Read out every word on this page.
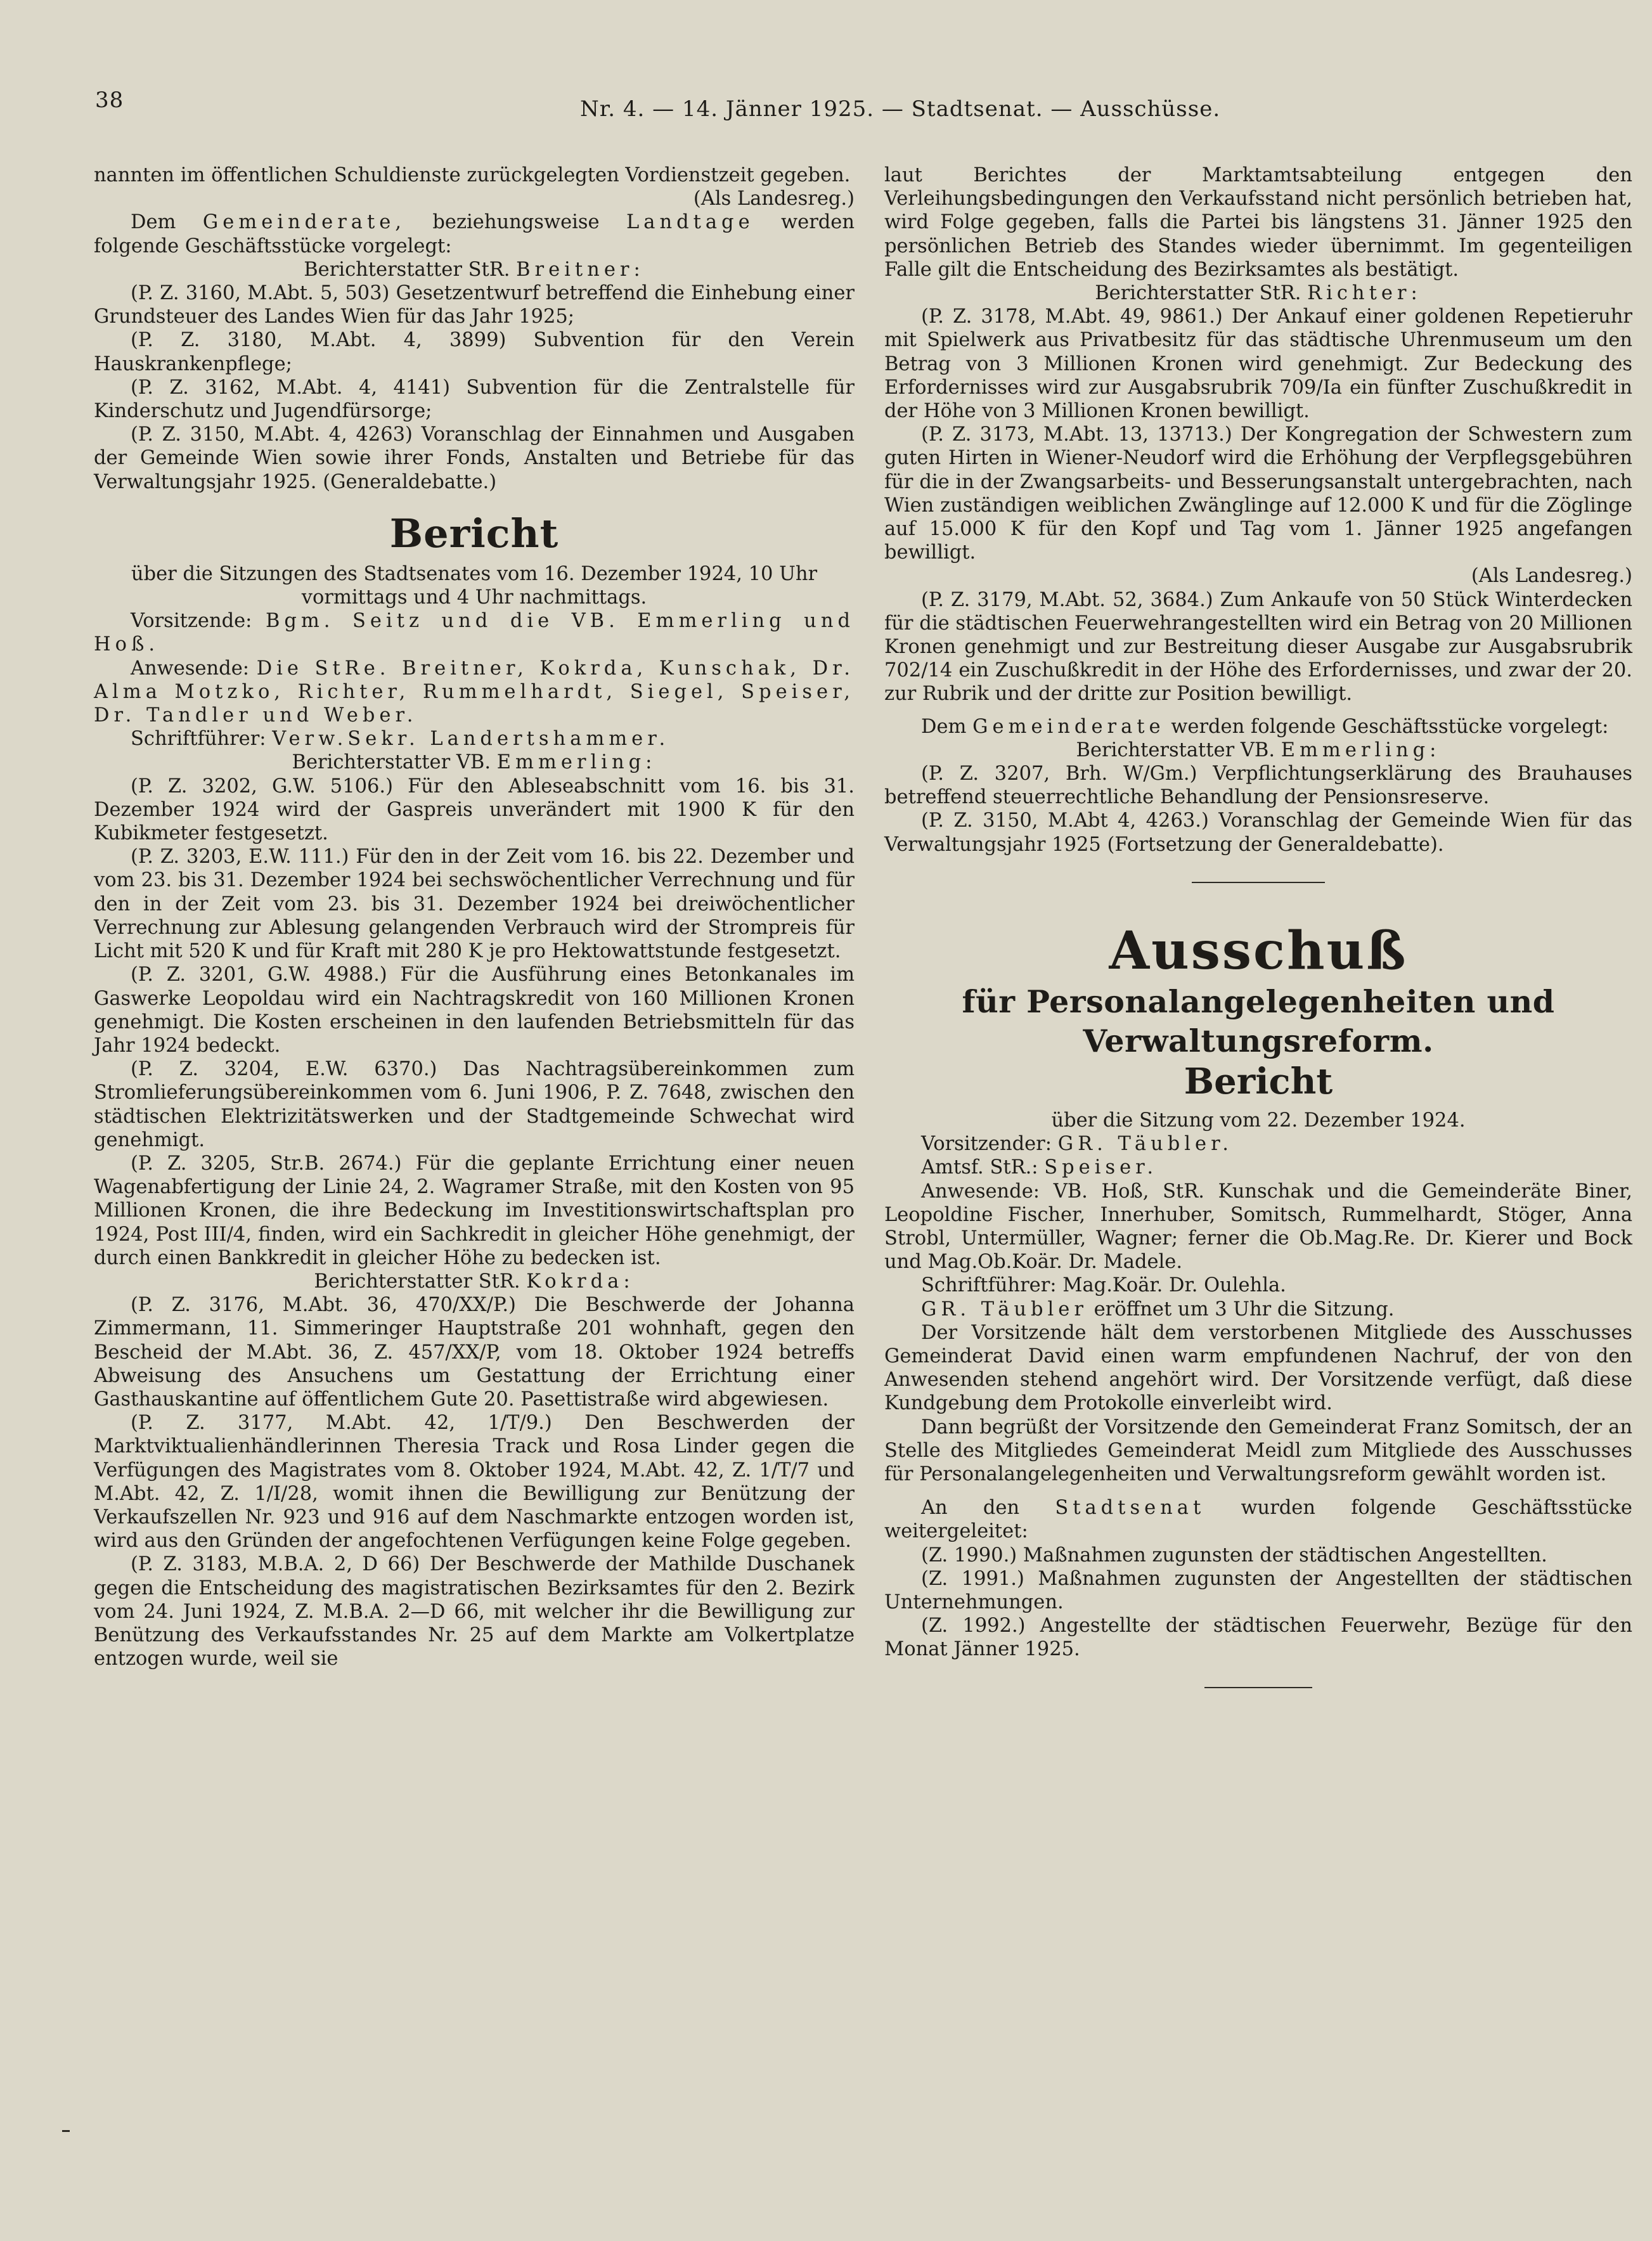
38	Nr. 4. — 14. Jänner 1925. — Stadtsenat. — Ausschüsse.

nannten im öffentlichen Schuldienste zurückgelegten Vordienstzeit gegeben.

(Als Landesreg.)

Dem Gemeinderate, beziehungsweise Landtage werden folgende Geschäftsstücke vorgelegt:

Berichterstatter StR. Breitner:

(P. Z. 3160, M.Abt. 5, 503) Gesetzentwurf betreffend die Einhebung einer Grundsteuer des Landes Wien für das Jahr 1925;

(P. Z. 3180, M.Abt. 4, 3899) Subvention für den Verein Hauskrankenpflege;

(P. Z. 3162, M.Abt. 4, 4141) Subvention für die Zentralstelle für Kinderschutz und Jugendfürsorge;

(P. Z. 3150, M.Abt. 4, 4263) Voranschlag der Einnahmen und Ausgaben der Gemeinde Wien sowie ihrer Fonds, Anstalten und Betriebe für das Verwaltungsjahr 1925. (Generaldebatte.)

Bericht

über die Sitzungen des Stadtsenates vom 16. Dezember 1924, 10 Uhr vormittags und 4 Uhr nachmittags.

Vorsitzende: Bgm. Seitz und die VB. Emmerling und Hoß.

Anwesende: Die StRe. Breitner, Kokrda, Kunschak, Dr. Alma Motzko, Richter, Rummelhardt, Siegel, Speiser, Dr. Tandler und Weber.

Schriftführer: Verw.Sekr. Landertshammer.

Berichterstatter VB. Emmerling:

(P. Z. 3202, G.W. 5106.) Für den Ableseabschnitt vom 16. bis 31. Dezember 1924 wird der Gaspreis unverändert mit 1900 K für den Kubikmeter festgesetzt.

(P. Z. 3203, E.W. 111.) Für den in der Zeit vom 16. bis 22. Dezember und vom 23. bis 31. Dezember 1924 bei sechswöchentlicher Verrechnung und für den in der Zeit vom 23. bis 31. Dezember 1924 bei dreiwöchentlicher Verrechnung zur Ablesung gelangenden Verbrauch wird der Strompreis für Licht mit 520 K und für Kraft mit 280 K je pro Hektowattstunde festgesetzt.

(P. Z. 3201, G.W. 4988.) Für die Ausführung eines Betonkanales im Gaswerke Leopoldau wird ein Nachtragskredit von 160 Millionen Kronen genehmigt. Die Kosten erscheinen in den laufenden Betriebsmitteln für das Jahr 1924 bedeckt.

(P. Z. 3204, E.W. 6370.) Das Nachtragsübereinkommen zum Stromlieferungsübereinkommen vom 6. Juni 1906, P. Z. 7648, zwischen den städtischen Elektrizitätswerken und der Stadtgemeinde Schwechat wird genehmigt.

(P. Z. 3205, Str.B. 2674.) Für die geplante Errichtung einer neuen Wagenabfertigung der Linie 24, 2. Wagramer Straße, mit den Kosten von 95 Millionen Kronen, die ihre Bedeckung im Investitionswirtschaftsplan pro 1924, Post III/4, finden, wird ein Sachkredit in gleicher Höhe genehmigt, der durch einen Bankkredit in gleicher Höhe zu bedecken ist.

Berichterstatter StR. Kokrda:

(P. Z. 3176, M.Abt. 36, 470/XX/P.) Die Beschwerde der Johanna Zimmermann, 11. Simmeringer Hauptstraße 201 wohnhaft, gegen den Bescheid der M.Abt. 36, Z. 457/XX/P, vom 18. Oktober 1924 betreffs Abweisung des Ansuchens um Gestattung der Errichtung einer Gasthauskantine auf öffentlichem Gute 20. Pasettistraße wird abgewiesen.

(P. Z. 3177, M.Abt. 42, 1/T/9.) Den Beschwerden der Marktviktualienhändlerinnen Theresia Track und Rosa Linder gegen die Verfügungen des Magistrates vom 8. Oktober 1924, M.Abt. 42, Z. 1/T/7 und M.Abt. 42, Z. 1/I/28, womit ihnen die Bewilligung zur Benützung der Verkaufszellen Nr. 923 und 916 auf dem Naschmarkte entzogen worden ist, wird aus den Gründen der angefochtenen Verfügungen keine Folge gegeben.

(P. Z. 3183, M.B.A. 2, D 66) Der Beschwerde der Mathilde Duschanek gegen die Entscheidung des magistratischen Bezirksamtes für den 2. Bezirk vom 24. Juni 1924, Z. M.B.A. 2—D 66, mit welcher ihr die Bewilligung zur Benützung des Verkaufsstandes Nr. 25 auf dem Markte am Volkertplatze entzogen wurde, weil sie

laut Berichtes der Marktamtsabteilung entgegen den Verleihungsbedingungen den Verkaufsstand nicht persönlich betrieben hat, wird Folge gegeben, falls die Partei bis längstens 31. Jänner 1925 den persönlichen Betrieb des Standes wieder übernimmt. Im gegenteiligen Falle gilt die Entscheidung des Bezirksamtes als bestätigt.

Berichterstatter StR. Richter:

(P. Z. 3178, M.Abt. 49, 9861.) Der Ankauf einer goldenen Repetieruhr mit Spielwerk aus Privatbesitz für das städtische Uhrenmuseum um den Betrag von 3 Millionen Kronen wird genehmigt. Zur Bedeckung des Erfordernisses wird zur Ausgabsrubrik 709/Ia ein fünfter Zuschußkredit in der Höhe von 3 Millionen Kronen bewilligt.

(P. Z. 3173, M.Abt. 13, 13713.) Der Kongregation der Schwestern zum guten Hirten in Wiener-Neudorf wird die Erhöhung der Verpflegsgebühren für die in der Zwangsarbeits- und Besserungsanstalt untergebrachten, nach Wien zuständigen weiblichen Zwänglinge auf 12.000 K und für die Zöglinge auf 15.000 K für den Kopf und Tag vom 1. Jänner 1925 angefangen bewilligt.

(Als Landesreg.)

(P. Z. 3179, M.Abt. 52, 3684.) Zum Ankaufe von 50 Stück Winterdecken für die städtischen Feuerwehrangestellten wird ein Betrag von 20 Millionen Kronen genehmigt und zur Bestreitung dieser Ausgabe zur Ausgabsrubrik 702/14 ein Zuschußkredit in der Höhe des Erfordernisses, und zwar der 20. zur Rubrik und der dritte zur Position bewilligt.

Dem Gemeinderate werden folgende Geschäftsstücke vorgelegt:

Berichterstatter VB. Emmerling:

(P. Z. 3207, Brh. W/Gm.) Verpflichtungserklärung des Brauhauses betreffend steuerrechtliche Behandlung der Pensionsreserve.

(P. Z. 3150, M.Abt 4, 4263.) Voranschlag der Gemeinde Wien für das Verwaltungsjahr 1925 (Fortsetzung der Generaldebatte).

Ausschuß
für Personalangelegenheiten und Verwaltungsreform.
Bericht

über die Sitzung vom 22. Dezember 1924.

Vorsitzender: GR. Täubler.

Amtsf. StR.: Speiser.

Anwesende: VB. Hoß, StR. Kunschak und die Gemeinderäte Biner, Leopoldine Fischer, Innerhuber, Somitsch, Rummelhardt, Stöger, Anna Strobl, Untermüller, Wagner; ferner die Ob.Mag.Re. Dr. Kierer und Bock und Mag.Ob.Koär. Dr. Madele.

Schriftführer: Mag.Koär. Dr. Oulehla.

GR. Täubler eröffnet um 3 Uhr die Sitzung.

Der Vorsitzende hält dem verstorbenen Mitgliede des Ausschusses Gemeinderat David einen warm empfundenen Nachruf, der von den Anwesenden stehend angehört wird. Der Vorsitzende verfügt, daß diese Kundgebung dem Protokolle einverleibt wird.

Dann begrüßt der Vorsitzende den Gemeinderat Franz Somitsch, der an Stelle des Mitgliedes Gemeinderat Meidl zum Mitgliede des Ausschusses für Personalangelegenheiten und Verwaltungsreform gewählt worden ist.

An den Stadtsenat wurden folgende Geschäftsstücke weitergeleitet:

(Z. 1990.) Maßnahmen zugunsten der städtischen Angestellten.

(Z. 1991.) Maßnahmen zugunsten der Angestellten der städtischen Unternehmungen.

(Z. 1992.) Angestellte der städtischen Feuerwehr, Bezüge für den Monat Jänner 1925.
